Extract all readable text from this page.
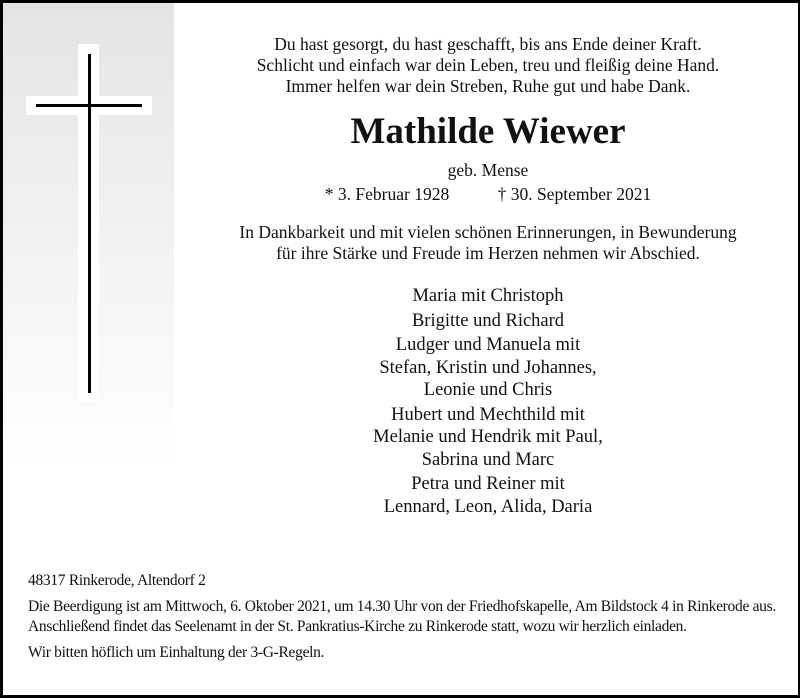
Du hast gesorgt, du hast geschafft, bis ans Ende deiner Kraft.
Schlicht und einfach war dein Leben, treu und fleißig deine Hand.
Immer helfen war dein Streben, Ruhe gut und habe Dank.
Mathilde Wiewer
geb. Mense
* 3. Februar 1928	† 30. September 2021
In Dankbarkeit und mit vielen schönen Erinnerungen, in Bewunderung
für ihre Stärke und Freude im Herzen nehmen wir Abschied.
Maria mit Christoph
Brigitte und Richard
Ludger und Manuela mit
Stefan, Kristin und Johannes,
Leonie und Chris
Hubert und Mechthild mit
Melanie und Hendrik mit Paul,
Sabrina und Marc
Petra und Reiner mit
Lennard, Leon, Alida, Daria

48317 Rinkerode, Altendorf 2

Die Beerdigung ist am Mittwoch, 6. Oktober 2021, um 14.30 Uhr von der Friedhofskapelle, Am Bildstock 4 in Rinkerode aus. Anschließend findet das Seelenamt in der St. Pankratius-Kirche zu Rinkerode statt, wozu wir herzlich einladen.

Wir bitten höflich um Einhaltung der 3-G-Regeln.
